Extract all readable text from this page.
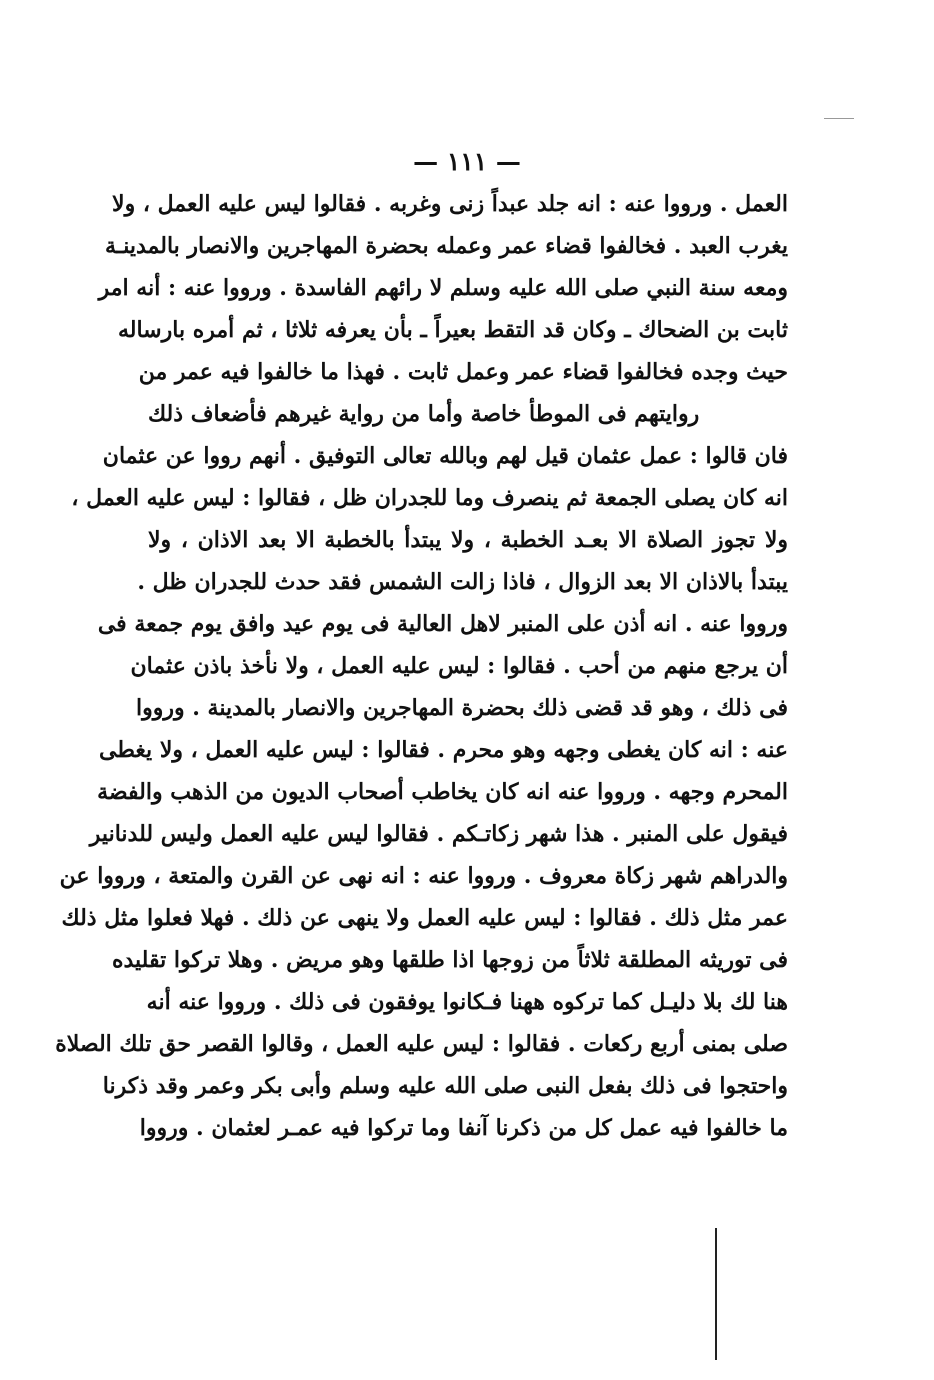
— ١١١ —
العمل . ورووا عنه : انه جلد عبداً زنى وغربه . فقالوا ليس عليه العمل ، ولا
يغرب العبد . فخالفوا قضاء عمر وعمله بحضرة المهاجرين والانصار بالمدينـة
ومعه سنة النبي صلى الله عليه وسلم لا رائهم الفاسدة . ورووا عنه : أنه امر
ثابت بن الضحاك ـ وكان قد التقط بعيراً ـ بأن يعرفه ثلاثا ، ثم أمره بارساله
حيث وجده فخالفوا قضاء عمر وعمل ثابت . فهذا ما خالفوا فيه عمر من
روايتهم فى الموطأ خاصة وأما من رواية غيرهم فأضعاف ذلك
فان قالوا : عمل عثمان قيل لهم وبالله تعالى التوفيق . أنهم رووا عن عثمان
انه كان يصلى الجمعة ثم ينصرف وما للجدران ظل ، فقالوا : ليس عليه العمل ،
ولا تجوز الصلاة الا بعـد الخطبة ، ولا يبتدأ بالخطبة الا بعد الاذان ، ولا
يبتدأ بالاذان الا بعد الزوال ، فاذا زالت الشمس فقد حدث للجدران ظل .
ورووا عنه . انه أذن على المنبر لاهل العالية فى يوم عيد وافق يوم جمعة فى
أن يرجع منهم من أحب . فقالوا : ليس عليه العمل ، ولا نأخذ باذن عثمان
فى ذلك ، وهو قد قضى ذلك بحضرة المهاجرين والانصار بالمدينة . ورووا
عنه : انه كان يغطى وجهه وهو محرم . فقالوا : ليس عليه العمل ، ولا يغطى
المحرم وجهه . ورووا عنه انه كان يخاطب أصحاب الديون من الذهب والفضة
فيقول على المنبر . هذا شهر زكاتـكم . فقالوا ليس عليه العمل وليس للدنانير
والدراهم شهر زكاة معروف . ورووا عنه : انه نهى عن القرن والمتعة ، ورووا عن
عمر مثل ذلك . فقالوا : ليس عليه العمل ولا ينهى عن ذلك . فهلا فعلوا مثل ذلك
فى توريثه المطلقة ثلاثاً من زوجها اذا طلقها وهو مريض . وهلا تركوا تقليده
هنا لك بلا دليـل كما تركوه ههنا فـكانوا يوفقون فى ذلك . ورووا عنه أنه
صلى بمنى أربع ركعات . فقالوا : ليس عليه العمل ، وقالوا القصر حق تلك الصلاة
واحتجوا فى ذلك بفعل النبى صلى الله عليه وسلم وأبى بكر وعمر وقد ذكرنا
ما خالفوا فيه عمل كل من ذكرنا آنفا وما تركوا فيه عمـر لعثمان . ورووا
